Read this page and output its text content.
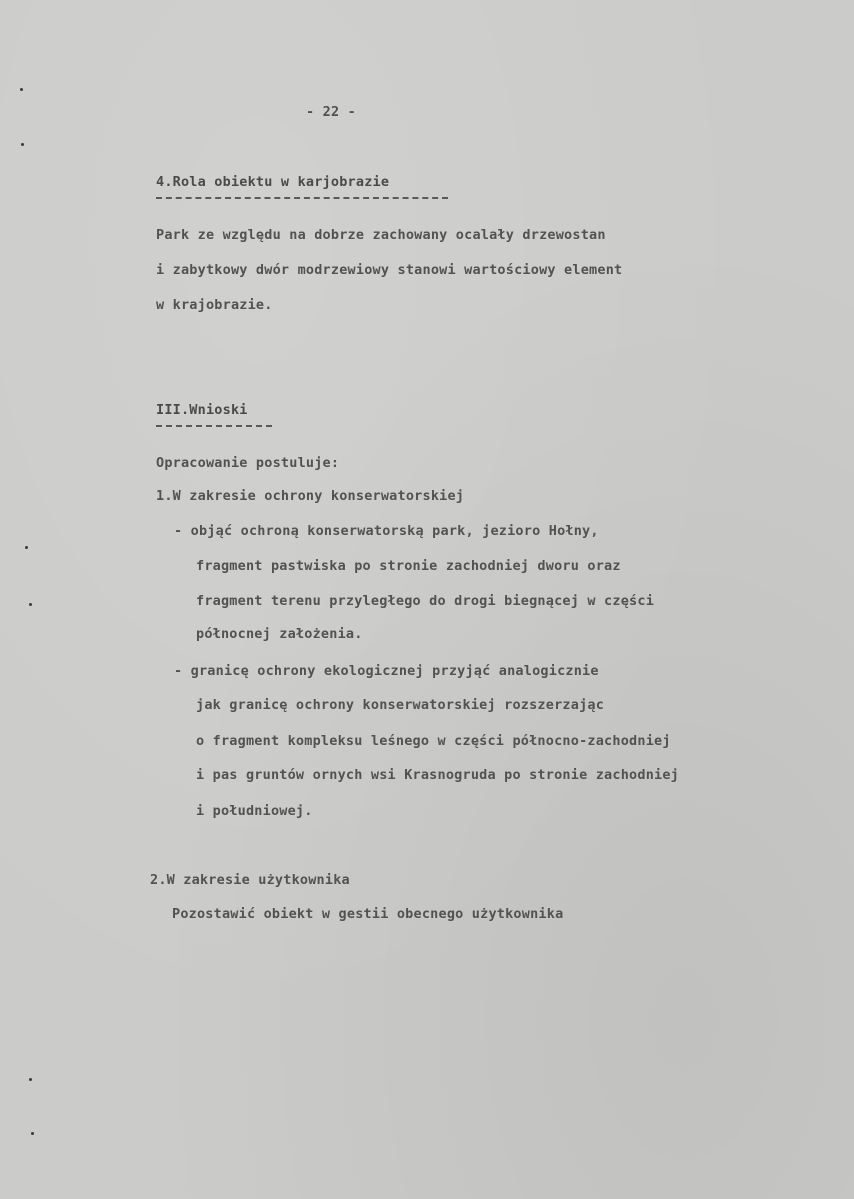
- 22 -
4.Rola obiektu w karjobrazie
Park ze względu na dobrze zachowany ocalały drzewostan
i zabytkowy dwór modrzewiowy stanowi wartościowy element
w krajobrazie.
III.Wnioski
Opracowanie postuluje:
1.W zakresie ochrony konserwatorskiej
- objąć ochroną konserwatorską park, jezioro Hołny,
fragment pastwiska po stronie zachodniej dworu oraz
fragment terenu przyległego do drogi biegnącej w części
północnej założenia.
- granicę ochrony ekologicznej przyjąć analogicznie
jak granicę ochrony konserwatorskiej rozszerzając
o fragment kompleksu leśnego w części północno-zachodniej
i pas gruntów ornych wsi Krasnogruda po stronie zachodniej
i południowej.
2.W zakresie użytkownika
Pozostawić obiekt w gestii obecnego użytkownika
